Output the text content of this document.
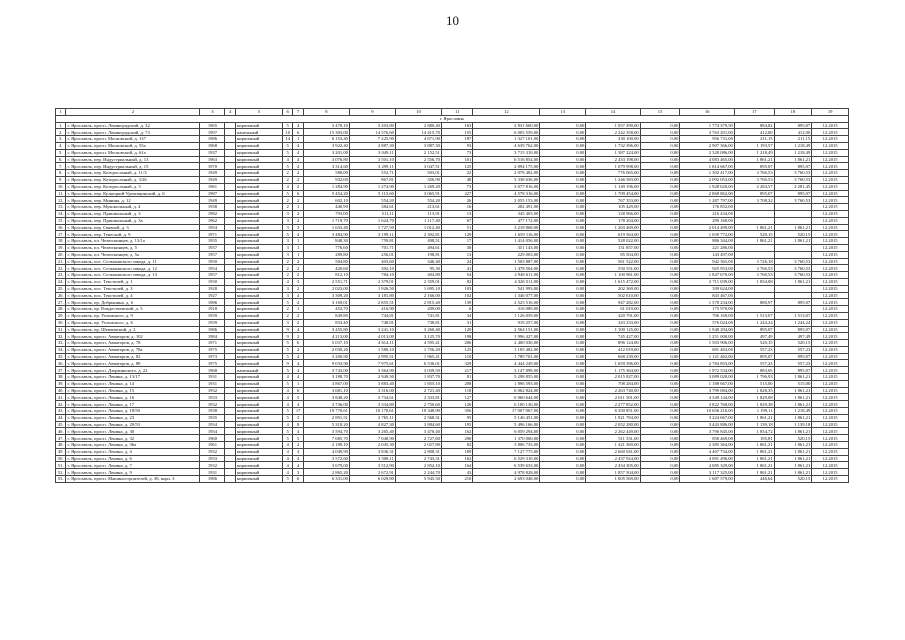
10
1	2	3	4	5	6	7	8	9	10	11	12	13	14	15	16	17	18	19
г. Ярославль																		
1.	г. Ярославль, просп. Ленинградский, д. 32	1965		кирпичный	5	4	3 470,10	3 203,80	2 880,40	163	2 831 660,00	0,00	1 057 290,00	0,00	1 774 379,50	884,82	895,07	12.2015
2.	г. Ярославль, просп. Ленинградский, д. 73	1997		панельный	10	6	15 303,00	14 576,60	14 415,70	155	6 005 559,00	0,00	2 242 358,00	0,00	3 763 201,00	412,00	412,00	12.2015
3.	г. Ярославль, просп. Московский, д. 137	1986		кирпичный	14	1	6 153,40	7 225,90	4 671,90	187	1 327 101,00	0,00	330 100,00	0,00	956 731,00	211,15	211,15	12.2015
4.	г. Ярославль, просп. Московский, д. 55а	1968		кирпичный	5	4	3 922,40	3 887,30	3 887,30	93	4 639 762,00	0,00	1 732 396,00	0,00	2 907 366,00	1 193,57	1 218,49	12.2015
5.	г. Ярославль, просп. Московский, д. 61а	1937		кирпичный	5	4	3 201,00	3 049,11	2 152,51	73	3 715 310,00	0,00	1 387 224,00	0,00	2 328 086,00	1 218,49	1 218,49	12.2015
6.	г. Ярославль, пер. Индустриальный, д. 13	1963		кирпичный	4	4	3 076,80	3 501,10	2 556,70	101	6 516 854,00	0,00	2 433 198,00	0,00	4 083 465,00	1 861,21	1 861,21	12.2015
7.	г. Ярославль, пер. Индустриальный, д. 15	1970		кирпичный	5	4	3 314,60	3 299,11	3 047,51	125	2 894 175,00	0,00	1 079 998,00	0,00	1 814 667,00	895,07	895,07	12.2015
8.	г. Ярославль, пер. Которосльный, д. 11/3	1949		кирпичный	2	2	580,00	552,71	503,01	22	2 078 482,00	0,00	776 065,00	0,00	1 302 417,00	3 760,53	3 760,53	12.2015
9.	г. Ярославль, пер. Которосльный, д. 3/26	1949		кирпичный	2	2	932,00	867,81	356,90	48	3 338 636,00	0,00	1 246 583,00	0,00	2 092 053,00	3 760,53	3 760,53	12.2015
10.	г. Ярославль, пер. Которосльный, д. 5	1961		кирпичный	4	2	1 284,90	1 274,90	1 269,20	73	3 077 816,00	0,00	1 149 196,00	0,00	1 928 620,00	2 284,57	2 281,45	12.2015
11.	г. Ярославль, пер. Кузнецкий-Урочищинский, д. 6	1987		кирпичный	5	6	5 454,20	5 115,60	3 065,91	227	4 578 316,00	0,00	1 709 454,00	0,00	2 868 862,00	895,07	895,07	12.2015
12.	г. Ярославль, пер. Минина, д. 12	1949		кирпичный	2	2	602,10	554,20	554,20	26	2 055 153,00	0,00	767 353,00	0,00	1 287 797,00	3 708,32	3 760,53	12.2015
13.	г. Ярославль, пер. Мукомольный, д. 4	1938		кирпичный	2	1	440,90	384,61	213,61	16	282 491,00	0,00	105 429,00	0,00	176 852,00			12.2015
14.	г. Ярославль, пер. Пришкольный, д. 3	1982		кирпичный	3	2	793,00	511,11	113,91	13	345 403,00	0,00	128 966,00	0,00	216 434,00			12.2015
15.	г. Ярославль, пер. Пришкольный, д. 3а	1962		кирпичный	3	2	1 719,70	1 624,70	1 117,40	67	477 172,00	0,00	178 204,00	0,00	299 168,00			12.2015
16.	г. Ярославль, пер. Связной, д. 3	1954		кирпичный	3	3	1 633,40	1 727,50	1 012,40	51	3 218 868,00	0,00	1 203 469,00	0,00	2 014 499,00	1 861,21	1 861,21	12.2015
17.	г. Ярославль, пер. Тенеской, д. 9	1971		кирпичный	5	4	3 484,90	3 199,11	2 392,81	129	1 659 116,00	0,00	619 564,00	0,00	1 039 772,00	520,15	520,15	12.2015
18.	г. Ярославль, пл. Челюскинцев, д. 13/1а	1955		кирпичный	3	1	848,30	759,81	498,51	17	1 414 056,00	0,00	528 022,00	0,00	886 344,00	1 861,21	1 861,21	12.2015
19.	г. Ярославль, пл. Челюскинцев, д. 5	1937		кирпичный	3	1	776,60	701,71	494,61	30	351 143,00	0,00	131 857,00	0,00	221 286,00			12.2015
20.	г. Ярославль, пл. Челюскинцев, д. 5а	1957		кирпичный	3	1	289,80	256,01	198,81	13	229 003,00	0,00	85 504,00	0,00	143 497,00			12.2015
21.	г. Ярославль, пос. Сельмашского завода, д. 11	1950		кирпичный	2	2	504,80	403,60	346,40	24	1 503 887,00	0,00	561 522,00	0,00	942 365,00	3 726,18	3 760,53	12.2015
22.	г. Ярославль, пос. Сельмашского завода, д. 12	1954		кирпичный	2	2	420,60	392,10	95,30	41	1 478 504,00	0,00	550 551,00	0,00	925 953,00	3 760,53	3 760,53	12.2015
23.	г. Ярославль, пос. Сельмашского завода, д. 13	1957		кирпичный	2	2	812,10	784,10	404,80	54	2 948 611,00	0,00	1 100 961,00	0,00	1 847 670,00	3 760,53	3 760,53	12.2015
24.	г. Ярославль, пос. Текстилей, д. 1	1930		кирпичный	4	3	2 551,71	2 379,01	2 359,01	82	4 326 511,00	0,00	1 615 472,00	0,00	2 711 039,00	1 834,08	1 861,21	12.2015
25.	г. Ярославль, пос. Текстилей, д. 3	1928		кирпичный	3	2	2 023,00	1 926,50	1 695,10	103	541 993,00	0,00	202 369,00	0,00	339 624,00			12.2015
26.	г. Ярославль, пос. Текстилей, д. 4	1927		кирпичный	3	4	3 309,20	3 181,80	2 166,00	102	1 346 077,00	0,00	502 610,00	0,00	843 467,00			12.2015
27.	г. Ярославль, пр. Добрынина, д. 6	1986		кирпичный	5	4	3 169,01	2 855,51	2 815,40	139	2 525 516,00	0,00	947 282,00	0,00	1 578 234,00	880,97	895,07	12.2015
28.	г. Ярославль, пр. Рождественский, д. 5	1918		кирпичный	2	1	452,70	416,90	209,00	6	316 989,00	0,00	61 019,00	0,00	175 970,00			12.2015
29.	г. Ярославль, пр. Ухтомского, д. 9	1939		кирпичный	2	2	849,80	744,81	741,81	34	1 126 059,00	0,00	420 791,00	0,00	706 169,00	1 513,07	1 513,07	12.2015
30.	г. Ярославль, пр. Ухтомского, д. 6	1939		кирпичный	3	2	833,40	748,81	738,81	31	919 257,00	0,00	343 233,00	0,00	576 024,00	1 244,24	1 244,24	12.2015
31.	г. Ярославль, пр. Шевчинский, д. 2	1986		кирпичный	9	4	3 455,80	3 241,10	3 260,40	120	2 564 151,00	0,00	1 100 125,00	0,00	1 948 294,00	895,07	895,07	12.2015
32.	г. Ярославль, просп. Авиаторов, д. 102	1984		кирпичный	9	2	4 213,00	4 013,00	3 125,70	198	1 996 427,00	0,00	745 427,00	0,00	1 251 000,00	497,49	497,49	12.2015
33.	г. Ярославль, просп. Авиаторов, д. 78	1971		кирпичный	5	6	5 037,10	4 614,11	4 595,41	206	2 400 030,00	0,00	896 124,00	0,00	1 503 906,00	520,15	520,15	12.2015
34.	г. Ярославль, просп. Авиаторов, д. 78а	1975		кирпичный	5	2	2 030,20	1 580,10	1 756,20	125	1 105 482,00	0,00	412 019,00	0,00	691 463,00	557,23	557,23	12.2015
35.	г. Ярославль, просп. Авиаторов, д. 82	1973		кирпичный	5	4	3 200,90	2 995,51	1 965,41	110	1 789 701,00	0,00	668 239,00	0,00	1 121 462,00	895,07	895,07	12.2015
36.	г. Ярославль, просп. Авиаторов, д. 88	1975		кирпичный	9	4	9 033,90	7 975,61	6 536,01	329	4 444 249,00	0,00	1 659 396,00	0,00	2 784 853,00	557,23	557,23	12.2015
37.	г. Ярославль, просп. Дзержинского, д. 22	1968		панельный	5	4	3 743,00	3 364,90	3 039,50	217	3 147 898,00	0,00	1 175 364,00	0,00	1 972 534,00	883,05	895,07	12.2015
38.	г. Ярославль, просп. Ленина, д. 13/17	1931		кирпичный	4	4	3 188,70	2 949,50	1 837,70	81	5 298 855,00	0,00	2 015 827,00	0,00	3 089 028,00	1 796,93	1 861,21	12.2015
39.	г. Ярославль, просп. Ленина, д. 14	1931		кирпичный	5	1	3 867,00	3 883,40	1 855,10	208	1 896 593,00	0,00	708 284,00	0,00	1 188 667,00	515,00	515,00	12.2015
40.	г. Ярославль, просп. Ленина, д. 15	1932		кирпичный	4	6	3 681,10	3 316,00	2 721,40	118	6 062 824,00	0,00	2 263 740,00	0,00	3 799 084,00	1 828,35	1 861,21	12.2015
41.	г. Ярославль, просп. Ленина, д. 16	1933		кирпичный	4	5	3 848,20	3 734,61	2 333,81	127	6 960 644,00	0,00	2 611 501,00	0,00	4 349 144,00	1 829,08	1 861,21	12.2015
42.	г. Ярославль, просп. Ленина, д. 17	1932		кирпичный	4	4	3 736,00	3 334,80	2 750,60	126	6 100 130,00	0,00	2 277 852,00	0,00	3 822 768,00	1 829,38	1 861,21	12.2015
43.	г. Ярославль, просп. Ленина, д. 18/50	1938		кирпичный	5	17	10 770,61	10 170,61	10 348,90	356	17 007 067,00	0,00	6 350 851,00	0,00	10 656 216,00	1 199,11	1 218,49	12.2015
44.	г. Ярославль, просп. Ленина, д. 23	1935		кирпичный	5	3	2 891,51	2 765,11	2 568,31	95	5 146 451,00	0,00	1 921 784,00	0,00	3 224 667,00	1 861,21	1 861,21	12.2015
45.	г. Ярославль, просп. Ленина, д. 29/53	1934		кирпичный	4	8	5 318,20	4 827,30	3 884,60	195	5 496 166,00	0,00	2 052 280,00	0,00	3 443 886,00	1 139,18	1 139,18	12.2015
46.	г. Ярославль, просп. Ленина, д. 30	1954		кирпичный	5	4	3 594,70	3 265,40	3 470,40	162	6 059 294,00	0,00	2 262 449,00	0,00	3 796 845,00	1 854,72	1 861,21	12.2015
47.	г. Ярославль, просп. Ленина, д. 32	1960		кирпичный	5	5	7 685,70	7 048,90	2 727,60	290	1 370 000,00	0,00	511 531,00	0,00	858 469,00	195,81	520,15	12.2015
48.	г. Ярославль, просп. Ленина, д. 36а	1961		кирпичный	4	2	2 189,10	2 045,30	2 027,80	82	3 806 733,00	0,00	1 421 369,00	0,00	2 385 364,00	1 861,21	1 861,21	12.2015
49.	г. Ярославль, просп. Ленина, д. 4	1932		кирпичный	4	4	4 049,90	3 836,31	2 808,31	189	7 127 775,00	0,00	2 660 041,00	0,00	4 467 734,00	1 861,21	1 861,21	12.2015
50.	г. Ярославль, просп. Ленина, д. 6	1933		кирпичный	4	4	3 572,60	3 508,11	2 743,31	162	6 529 310,00	0,00	2 437 924,00	0,00	4 091 496,00	1 861,21	1 861,21	12.2015
51.	г. Ярославль, просп. Ленина, д. 7	1932		кирпичный	4	4	3 679,00	3 512,90	2 852,10	164	6 539 633,00	0,00	2 434 305,00	0,00	4 085 329,00	1 861,21	1 861,21	12.2015
52.	г. Ярославль, просп. Ленина, д. 9	1931		кирпичный	4	3	2 865,20	2 672,91	2 244,70	43	4 978 828,00	0,00	1 857 504,00	0,00	3 117 325,00	1 861,21	1 861,21	12.2015
53.	г. Ярославль, просп. Машиностроителей, д. 38, корп. 3	1986		кирпичный	5	6	6 331,00	6 029,80	5 945,50	210	2 693 048,00	0,00	1 005 569,00	0,00	1 687 579,00	446,64	520,15	12.2015
